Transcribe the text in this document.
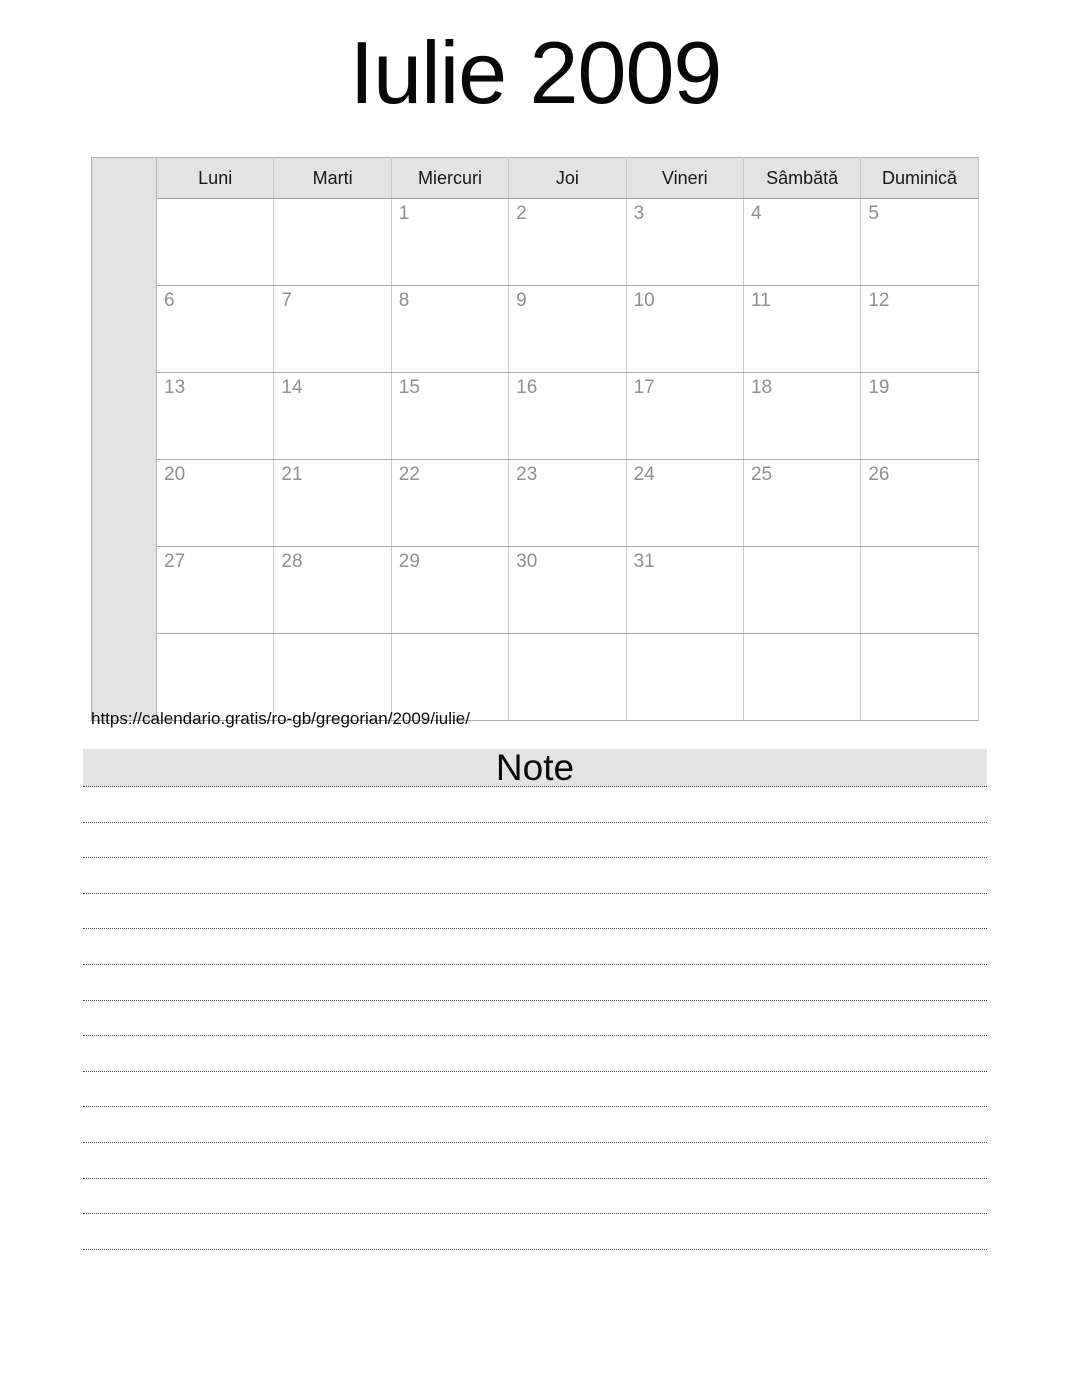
Iulie 2009
	Luni	Marti	Miercuri	Joi	Vineri	Sâmbătă	Duminică

			1	2	3	4	5

	6	7	8	9	10	11	12

	13	14	15	16	17	18	19

	20	21	22	23	24	25	26

	27	28	29	30	31		

https://calendario.gratis/ro-gb/gregorian/2009/iulie/
Note
